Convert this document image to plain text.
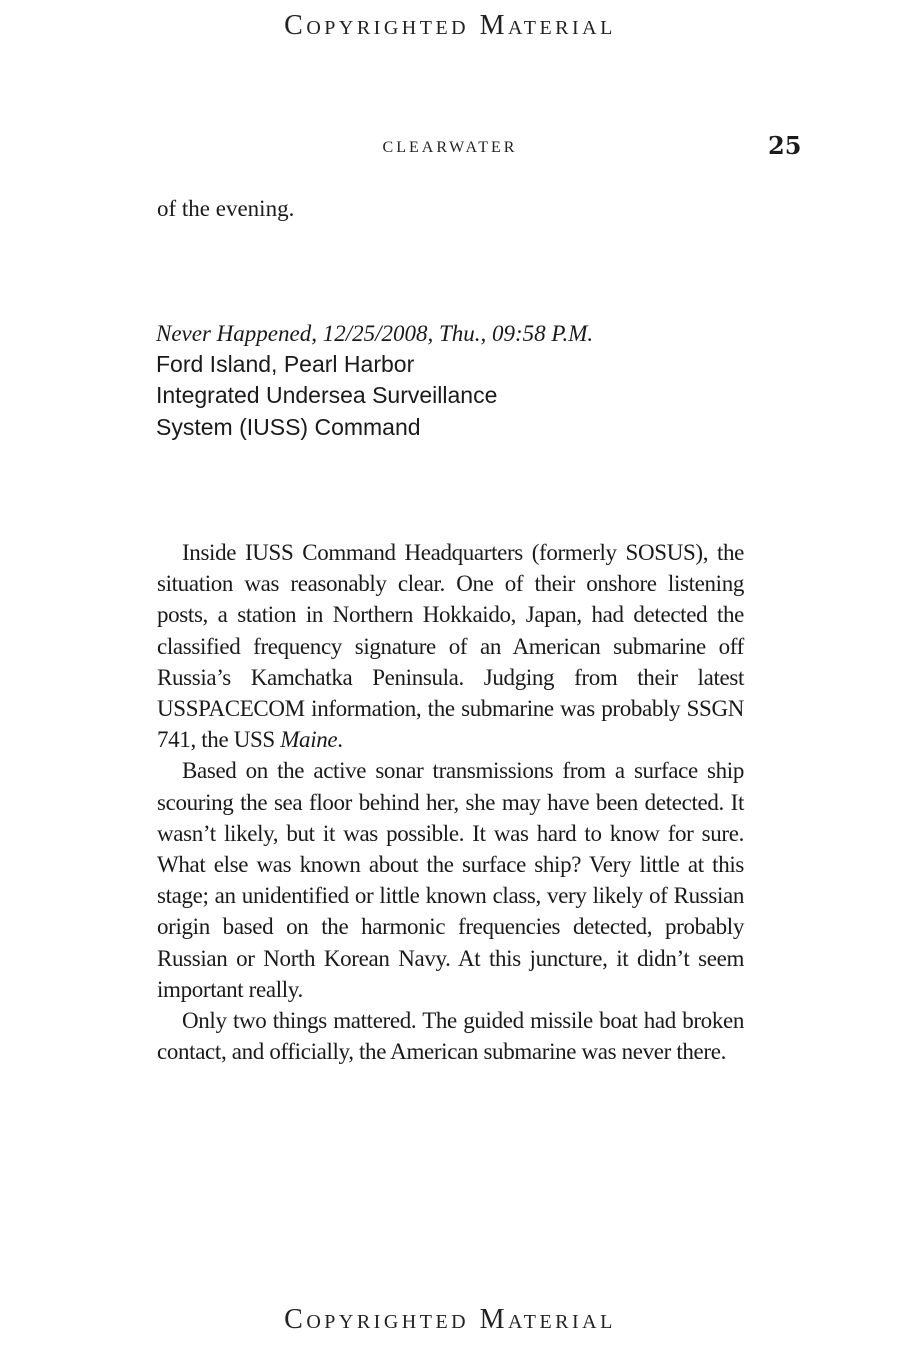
Copyrighted Material
CLEARWATER	25
of the evening.
Never Happened, 12/25/2008, Thu., 09:58 P.M.
Ford Island, Pearl Harbor
Integrated Undersea Surveillance
System (IUSS) Command

Inside IUSS Command Headquarters (formerly SOSUS), the situation was reasonably clear. One of their onshore listening posts, a station in Northern Hokkaido, Japan, had detected the classified frequency signature of an American submarine off Russia’s Kamchatka Peninsula. Judging from their latest USSPACECOM information, the submarine was probably SSGN 741, the USS Maine.

Based on the active sonar transmissions from a surface ship scouring the sea floor behind her, she may have been detected. It wasn’t likely, but it was possible. It was hard to know for sure. What else was known about the surface ship? Very little at this stage; an unidentified or little known class, very likely of Russian origin based on the harmonic frequencies detected, probably Russian or North Korean Navy. At this juncture, it didn’t seem important really.

Only two things mattered. The guided missile boat had broken contact, and officially, the American submarine was never there.

Copyrighted Material
